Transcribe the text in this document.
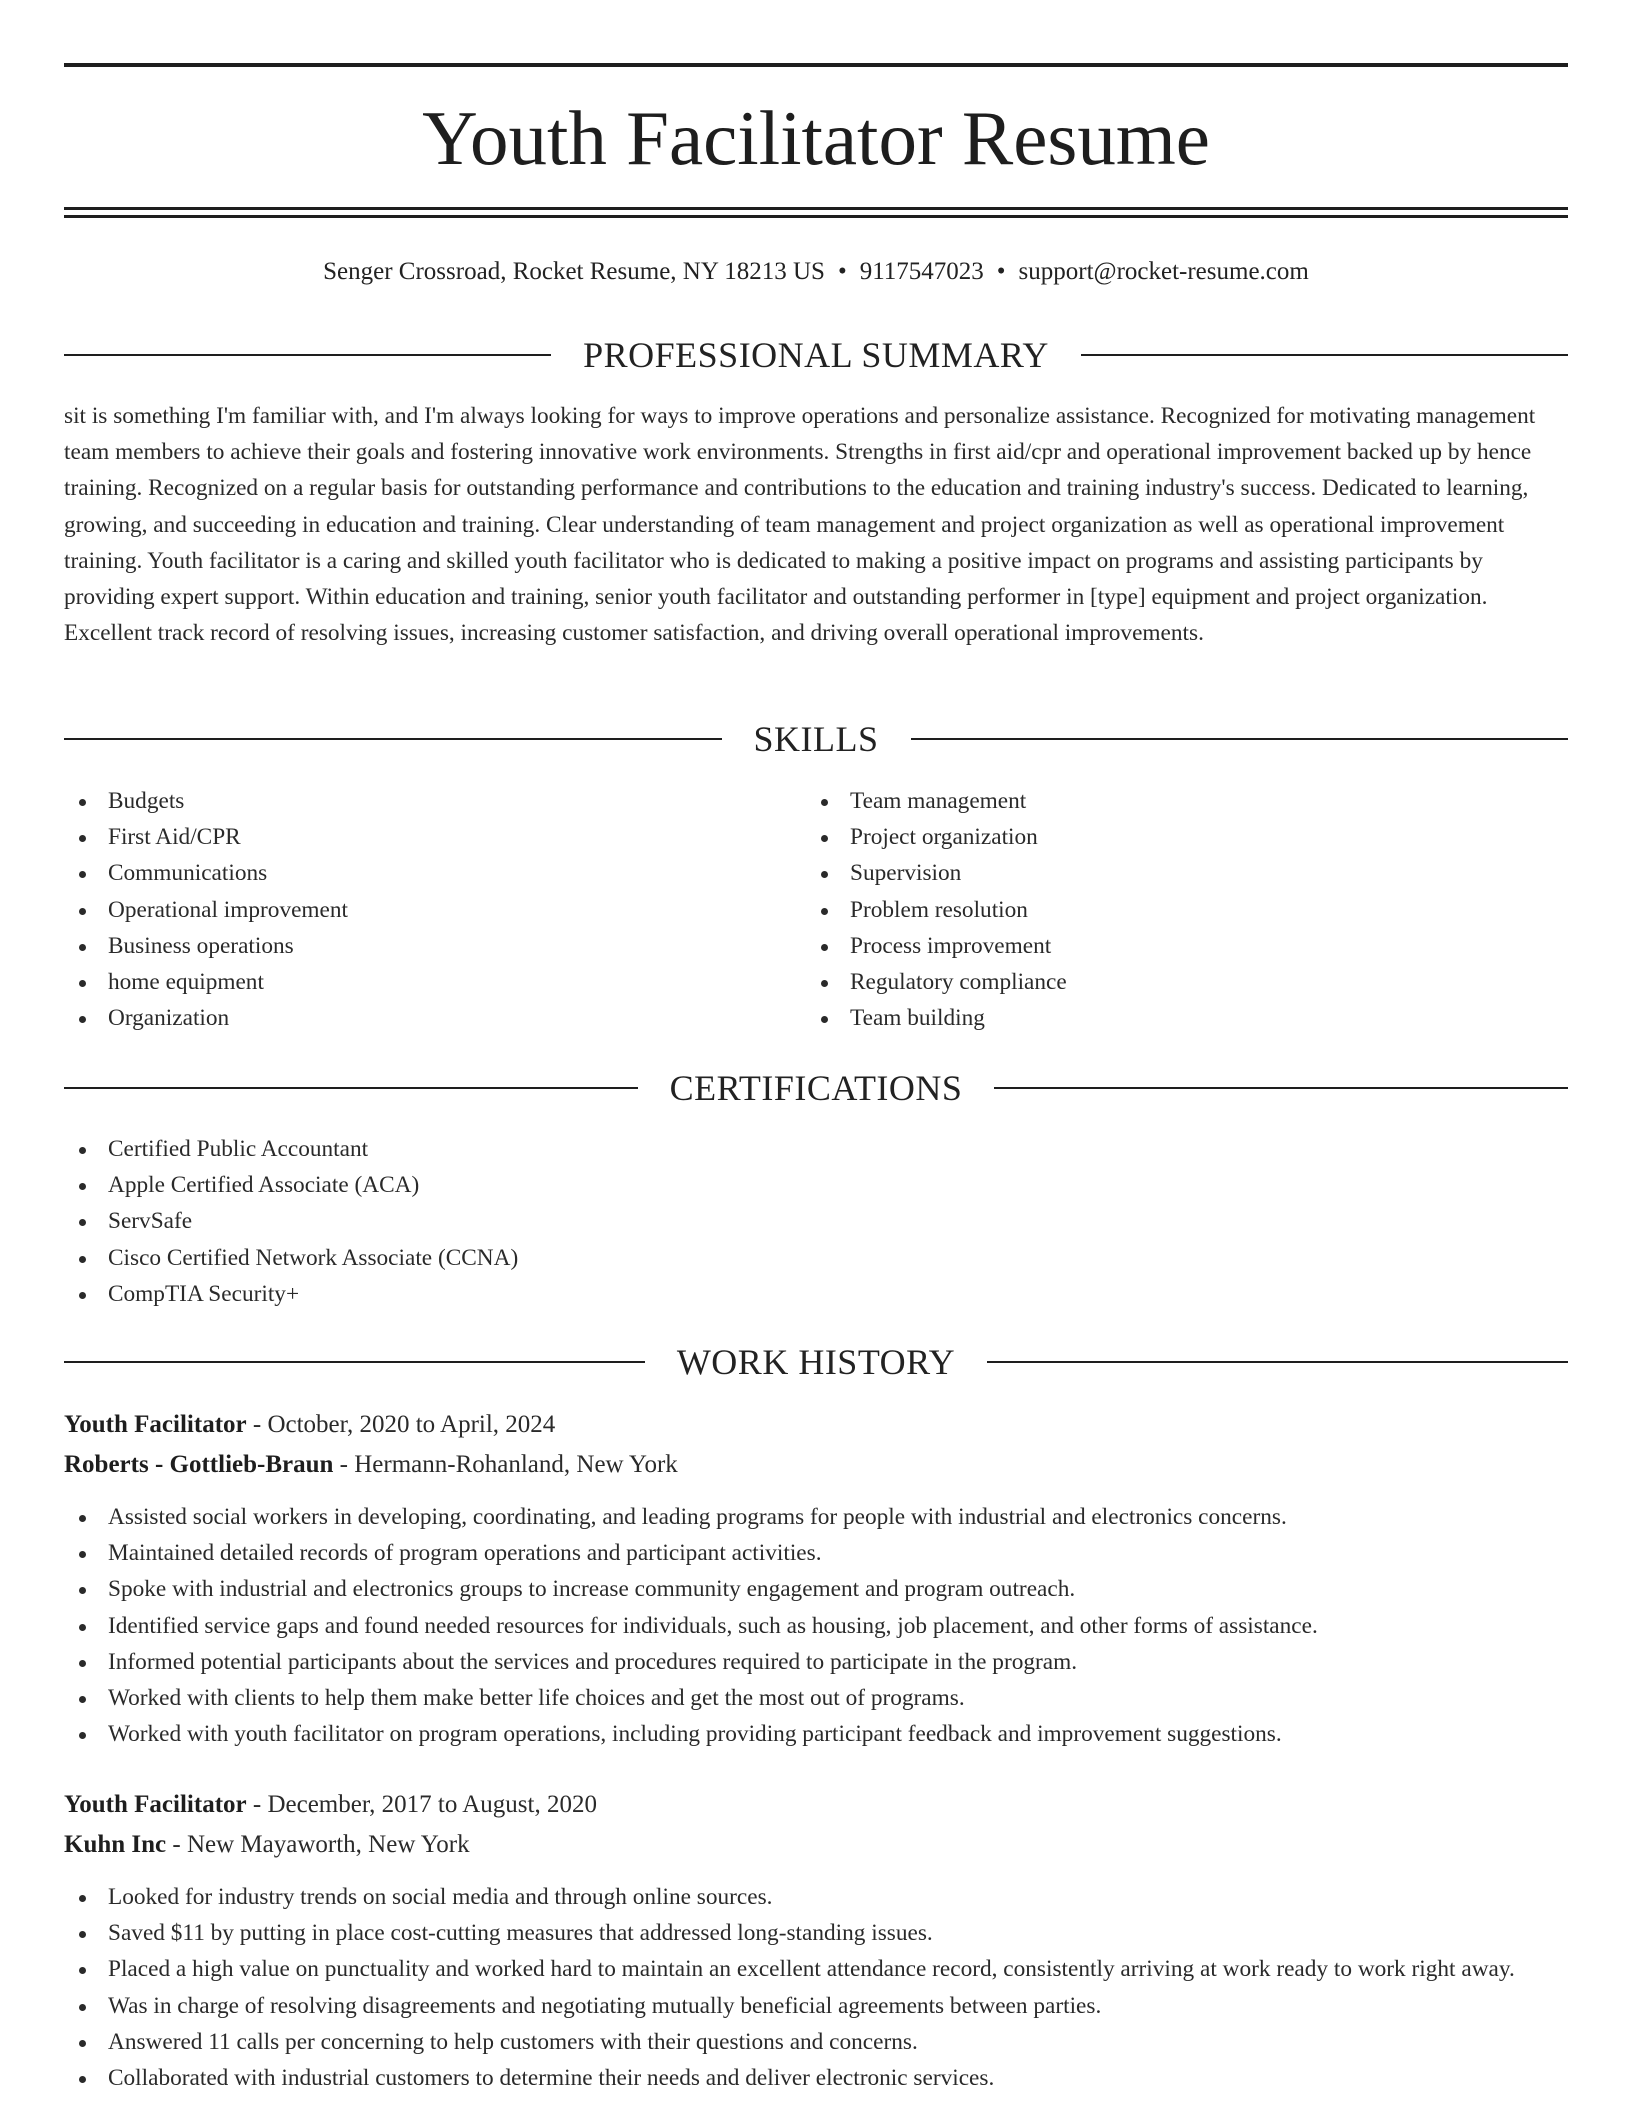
Youth Facilitator Resume
Senger Crossroad, Rocket Resume, NY 18213 US • 9117547023 • support@rocket-resume.com
PROFESSIONAL SUMMARY

sit is something I'm familiar with, and I'm always looking for ways to improve operations and personalize assistance. Recognized for motivating management team members to achieve their goals and fostering innovative work environments. Strengths in first aid/cpr and operational improvement backed up by hence training. Recognized on a regular basis for outstanding performance and contributions to the education and training industry's success. Dedicated to learning, growing, and succeeding in education and training. Clear understanding of team management and project organization as well as operational improvement training. Youth facilitator is a caring and skilled youth facilitator who is dedicated to making a positive impact on programs and assisting participants by providing expert support. Within education and training, senior youth facilitator and outstanding performer in [type] equipment and project organization. Excellent track record of resolving issues, increasing customer satisfaction, and driving overall operational improvements.

SKILLS
Budgets
First Aid/CPR
Communications
Operational improvement
Business operations
home equipment
Organization
Team management
Project organization
Supervision
Problem resolution
Process improvement
Regulatory compliance
Team building
CERTIFICATIONS
Certified Public Accountant
Apple Certified Associate (ACA)
ServSafe
Cisco Certified Network Associate (CCNA)
CompTIA Security+
WORK HISTORY
Youth Facilitator - October, 2020 to April, 2024
Roberts - Gottlieb-Braun - Hermann-Rohanland, New York
Assisted social workers in developing, coordinating, and leading programs for people with industrial and electronics concerns.
Maintained detailed records of program operations and participant activities.
Spoke with industrial and electronics groups to increase community engagement and program outreach.
Identified service gaps and found needed resources for individuals, such as housing, job placement, and other forms of assistance.
Informed potential participants about the services and procedures required to participate in the program.
Worked with clients to help them make better life choices and get the most out of programs.
Worked with youth facilitator on program operations, including providing participant feedback and improvement suggestions.
Youth Facilitator - December, 2017 to August, 2020
Kuhn Inc - New Mayaworth, New York
Looked for industry trends on social media and through online sources.
Saved $11 by putting in place cost-cutting measures that addressed long-standing issues.
Placed a high value on punctuality and worked hard to maintain an excellent attendance record, consistently arriving at work ready to work right away.
Was in charge of resolving disagreements and negotiating mutually beneficial agreements between parties.
Answered 11 calls per concerning to help customers with their questions and concerns.
Collaborated with industrial customers to determine their needs and deliver electronic services.
